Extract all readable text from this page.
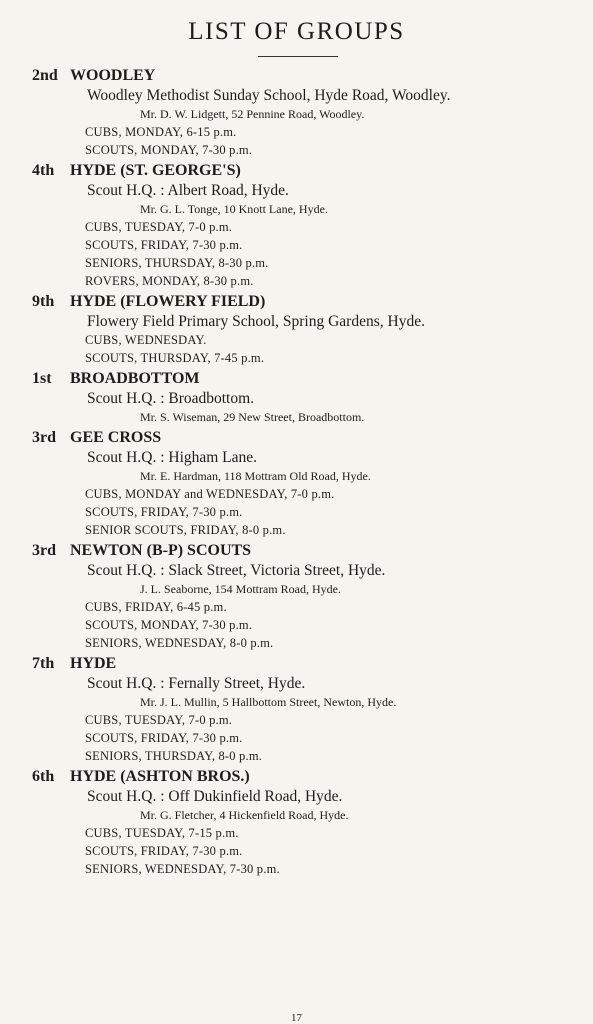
LIST OF GROUPS
2nd WOODLEY
Woodley Methodist Sunday School, Hyde Road, Woodley.
Mr. D. W. Lidgett, 52 Pennine Road, Woodley.
CUBS, MONDAY, 6-15 p.m.
SCOUTS, MONDAY, 7-30 p.m.
4th HYDE (ST. GEORGE'S)
Scout H.Q. : Albert Road, Hyde.
Mr. G. L. Tonge, 10 Knott Lane, Hyde.
CUBS, TUESDAY, 7-0 p.m.
SCOUTS, FRIDAY, 7-30 p.m.
SENIORS, THURSDAY, 8-30 p.m.
ROVERS, MONDAY, 8-30 p.m.
9th HYDE (FLOWERY FIELD)
Flowery Field Primary School, Spring Gardens, Hyde.
CUBS, WEDNESDAY.
SCOUTS, THURSDAY, 7-45 p.m.
1st BROADBOTTOM
Scout H.Q. : Broadbottom.
Mr. S. Wiseman, 29 New Street, Broadbottom.
3rd GEE CROSS
Scout H.Q. : Higham Lane.
Mr. E. Hardman, 118 Mottram Old Road, Hyde.
CUBS, MONDAY and WEDNESDAY, 7-0 p.m.
SCOUTS, FRIDAY, 7-30 p.m.
SENIOR SCOUTS, FRIDAY, 8-0 p.m.
3rd NEWTON (B-P) SCOUTS
Scout H.Q. : Slack Street, Victoria Street, Hyde.
J. L. Seaborne, 154 Mottram Road, Hyde.
CUBS, FRIDAY, 6-45 p.m.
SCOUTS, MONDAY, 7-30 p.m.
SENIORS, WEDNESDAY, 8-0 p.m.
7th HYDE
Scout H.Q. : Fernally Street, Hyde.
Mr. J. L. Mullin, 5 Hallbottom Street, Newton, Hyde.
CUBS, TUESDAY, 7-0 p.m.
SCOUTS, FRIDAY, 7-30 p.m.
SENIORS, THURSDAY, 8-0 p.m.
6th HYDE (ASHTON BROS.)
Scout H.Q. : Off Dukinfield Road, Hyde.
Mr. G. Fletcher, 4 Hickenfield Road, Hyde.
CUBS, TUESDAY, 7-15 p.m.
SCOUTS, FRIDAY, 7-30 p.m.
SENIORS, WEDNESDAY, 7-30 p.m.
17
